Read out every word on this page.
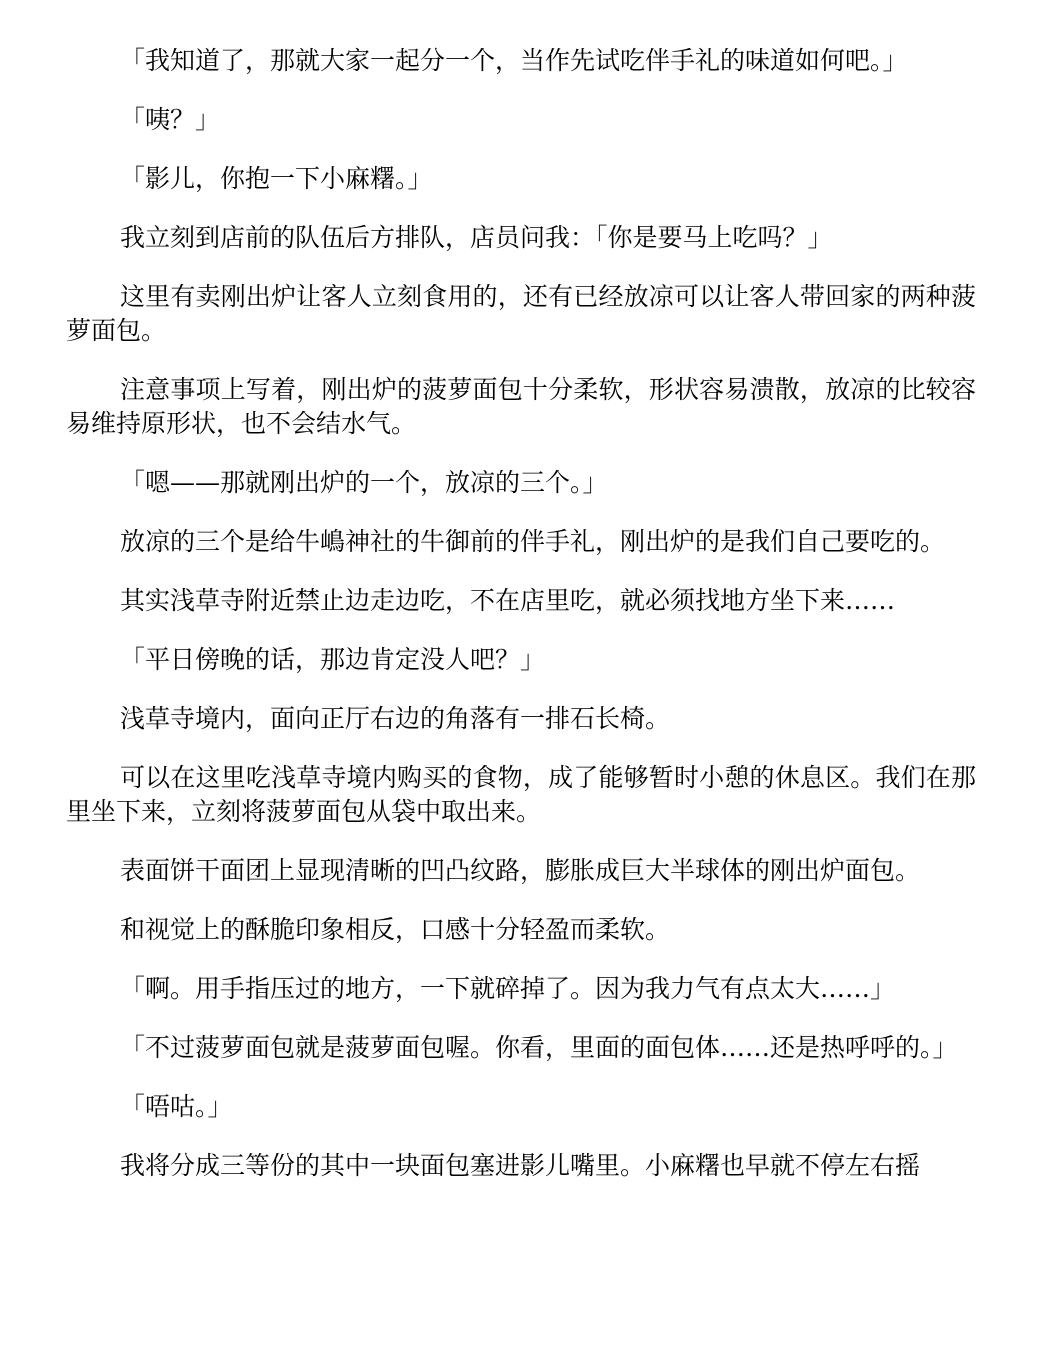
「我知道了，那就大家一起分一个，当作先试吃伴手礼的味道如何吧。」

「咦？」

「影儿，你抱一下小麻糬。」

我立刻到店前的队伍后方排队，店员问我：「你是要马上吃吗？」

这里有卖刚出炉让客人立刻食用的，还有已经放凉可以让客人带回家的两种菠萝面包。

注意事项上写着，刚出炉的菠萝面包十分柔软，形状容易溃散，放凉的比较容易维持原形状，也不会结水气。

「嗯——那就刚出炉的一个，放凉的三个。」

放凉的三个是给牛嶋神社的牛御前的伴手礼，刚出炉的是我们自己要吃的。

其实浅草寺附近禁止边走边吃，不在店里吃，就必须找地方坐下来……

「平日傍晚的话，那边肯定没人吧？」

浅草寺境内，面向正厅右边的角落有一排石长椅。

可以在这里吃浅草寺境内购买的食物，成了能够暂时小憩的休息区。我们在那里坐下来，立刻将菠萝面包从袋中取出来。

表面饼干面团上显现清晰的凹凸纹路，膨胀成巨大半球体的刚出炉面包。

和视觉上的酥脆印象相反，口感十分轻盈而柔软。

「啊。用手指压过的地方，一下就碎掉了。因为我力气有点太大……」

「不过菠萝面包就是菠萝面包喔。你看，里面的面包体……还是热呼呼的。」

「唔咕。」

我将分成三等份的其中一块面包塞进影儿嘴里。小麻糬也早就不停左右摇
